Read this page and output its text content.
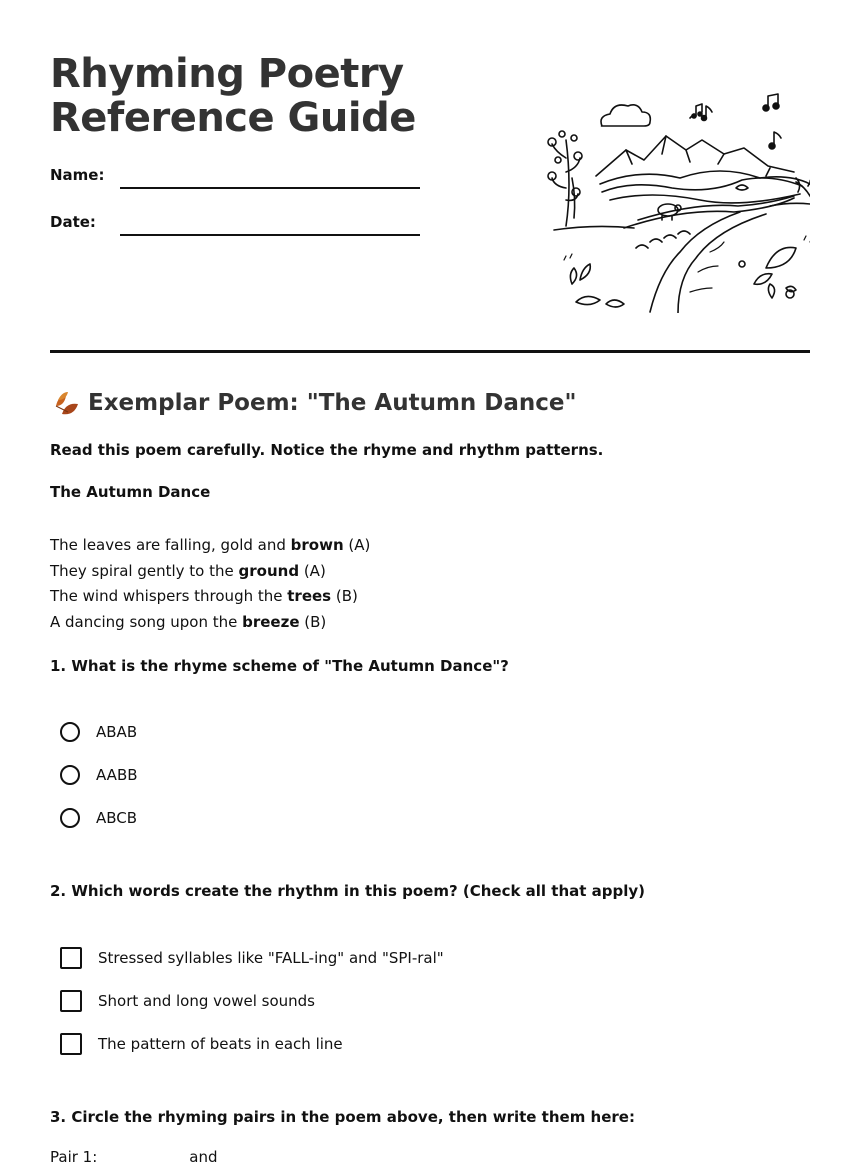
Rhyming Poetry
Reference Guide
Name:
Date:
Exemplar Poem: "The Autumn Dance"
Read this poem carefully. Notice the rhyme and rhythm patterns.
The Autumn Dance
The leaves are falling, gold and brown (A)
They spiral gently to the ground (A)
The wind whispers through the trees (B)
A dancing song upon the breeze (B)
1. What is the rhyme scheme of "The Autumn Dance"?
ABAB
AABB
ABCB
2. Which words create the rhythm in this poem? (Check all that apply)
Stressed syllables like "FALL-ing" and "SPI-ral"
Short and long vowel sounds
The pattern of beats in each line
3. Circle the rhyming pairs in the poem above, then write them here:
Pair 1:	and
